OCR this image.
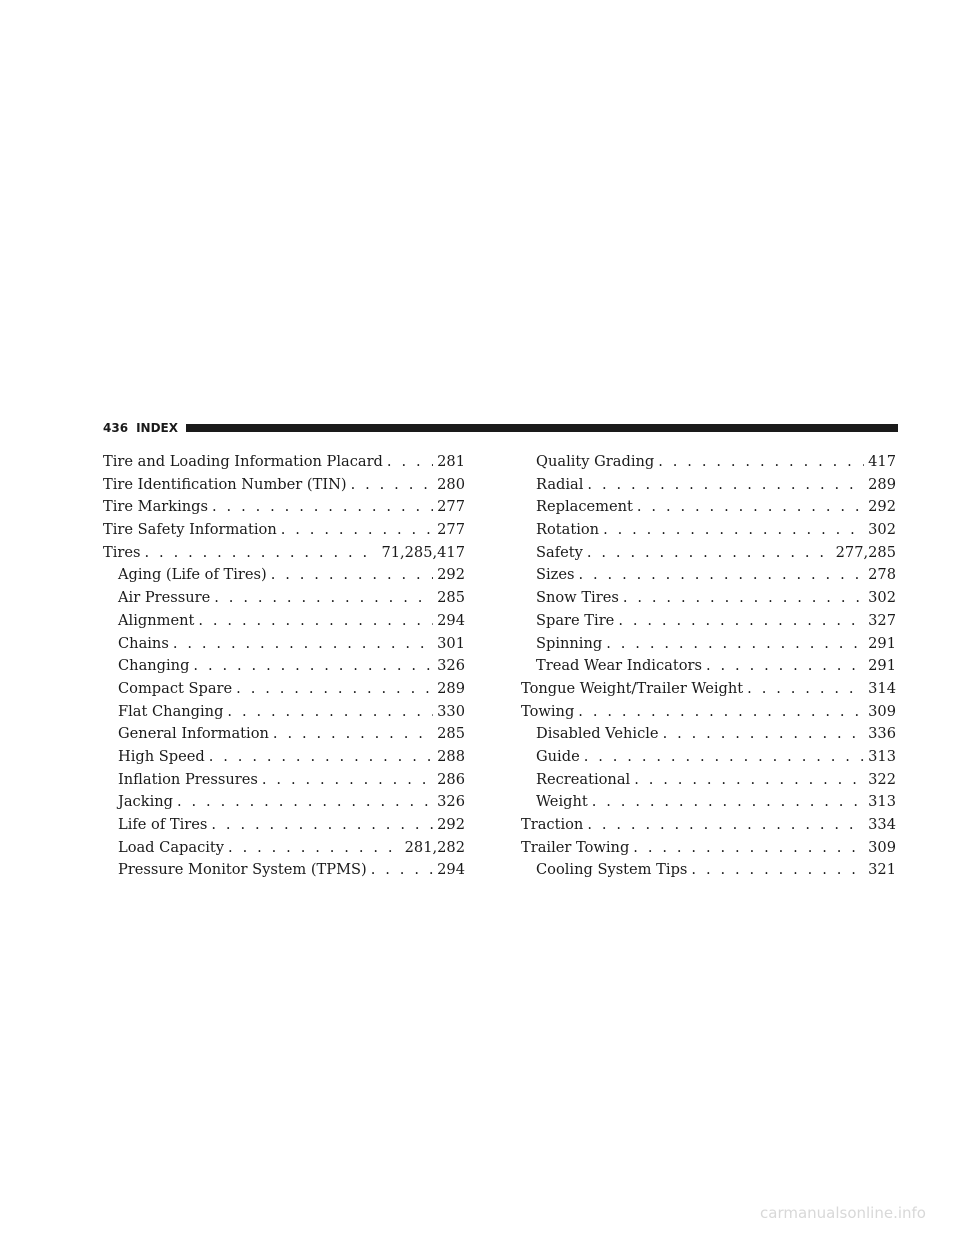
436 INDEX
Tire and Loading Information Placard . . .	281
Tire Identification Number (TIN) . . .	280
Tire Markings . . .	277
Tire Safety Information . . .	277
Tires . . .	71,285,417
Aging (Life of Tires) . . .	292
Air Pressure . . .	285
Alignment . . .	294
Chains . . .	301
Changing . . .	326
Compact Spare . . .	289
Flat Changing . . .	330
General Information . . .	285
High Speed . . .	288
Inflation Pressures . . .	286
Jacking . . .	326
Life of Tires . . .	292
Load Capacity . . .	281,282
Pressure Monitor System (TPMS) . . .	294
Quality Grading . . .	417
Radial . . .	289
Replacement . . .	292
Rotation . . .	302
Safety . . .	277,285
Sizes . . .	278
Snow Tires . . .	302
Spare Tire . . .	327
Spinning . . .	291
Tread Wear Indicators . . .	291
Tongue Weight/Trailer Weight . . .	314
Towing . . .	309
Disabled Vehicle . . .	336
Guide . . .	313
Recreational . . .	322
Weight . . .	313
Traction . . .	334
Trailer Towing . . .	309
Cooling System Tips . . .	321
carmanualsonline.info
